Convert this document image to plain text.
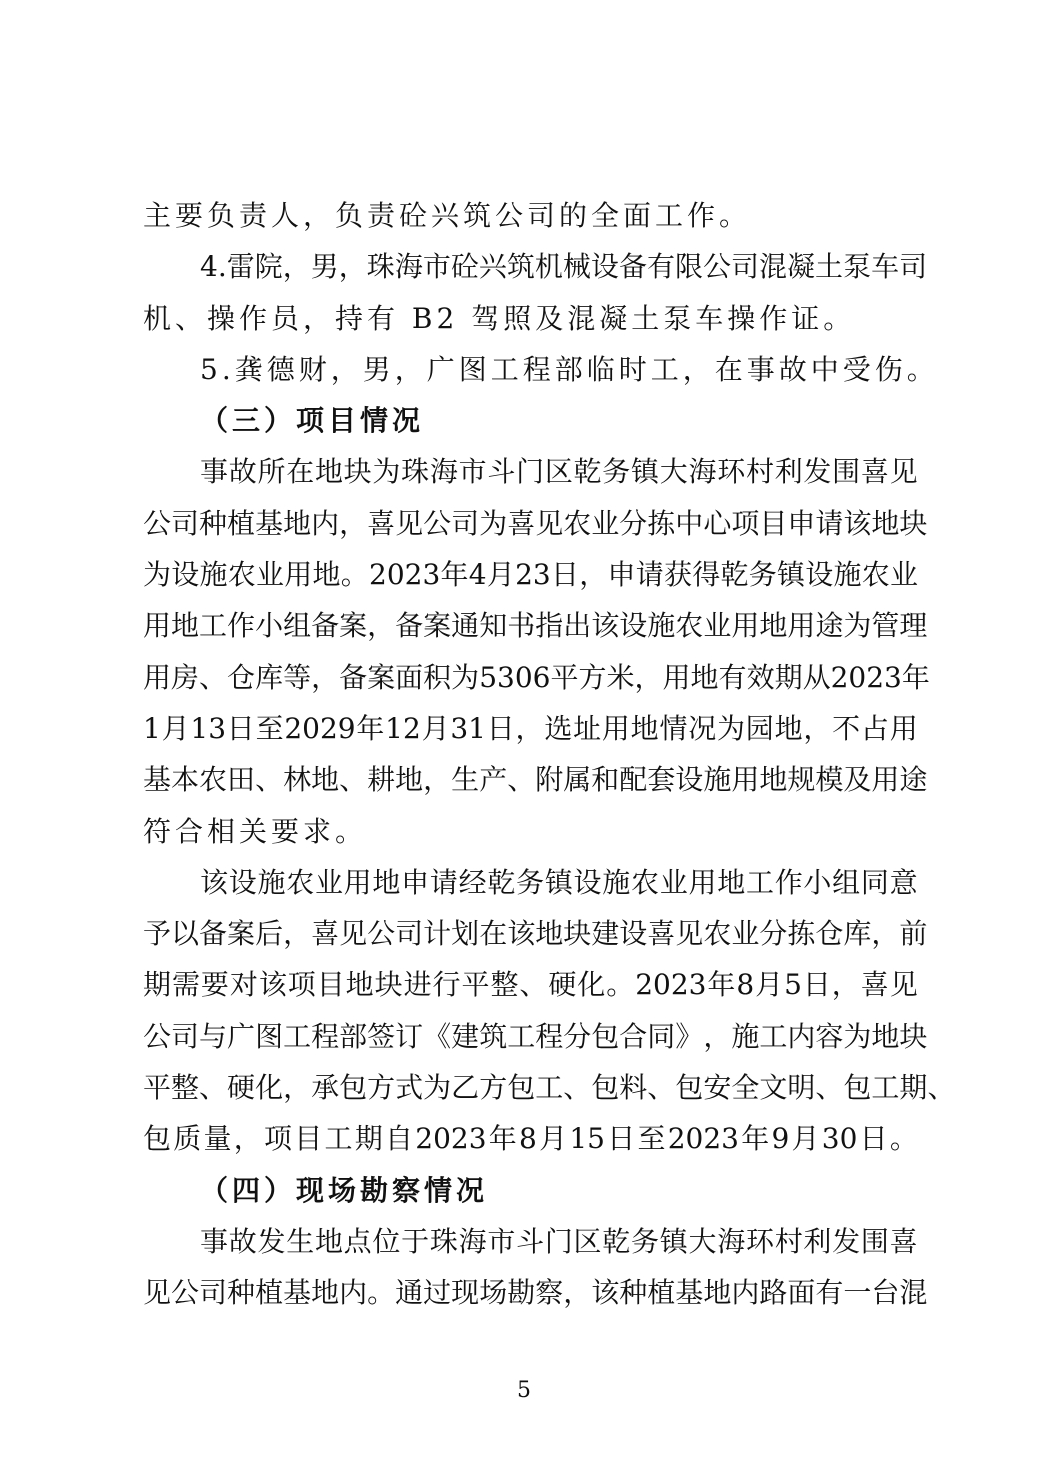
主要负责人，负责砼兴筑公司的全面工作。
4. 雷 院 ， 男 ， 珠 海 市 砼 兴 筑 机 械 设 备 有 限 公 司 混 凝 土 泵 车 司
机、操作员，持有 B2 驾照及混凝土泵车操作证。
5.龚德财，男，广图工程部临时工，在事故中受伤。
（三）项目情况
事 故 所 在 地 块 为 珠 海 市 斗 门 区 乾 务 镇 大 海 环 村 利 发 围 喜 见
公 司 种 植 基 地 内 ， 喜 见 公 司 为 喜 见 农 业 分 拣 中 心 项 目 申 请 该 地 块
为 设 施 农 业 用 地 。 2023 年 4 月 23 日 ， 申 请 获 得 乾 务 镇 设 施 农 业
用 地 工 作 小 组 备 案 ， 备 案 通 知 书 指 出 该 设 施 农 业 用 地 用 途 为 管 理
用 房 、 仓 库 等 ， 备 案 面 积 为 5306 平 方 米 ， 用 地 有 效 期 从 2023 年
1 月 13 日 至 2029 年 12 月 31 日 ， 选 址 用 地 情 况 为 园 地 ， 不 占 用
基 本 农 田 、 林 地 、 耕 地 ， 生 产 、 附 属 和 配 套 设 施 用 地 规 模 及 用 途
符合相关要求。
该 设 施 农 业 用 地 申 请 经 乾 务 镇 设 施 农 业 用 地 工 作 小 组 同 意
予 以 备 案 后 ， 喜 见 公 司 计 划 在 该 地 块 建 设 喜 见 农 业 分 拣 仓 库 ， 前
期 需 要 对 该 项 目 地 块 进 行 平 整 、 硬 化 。 2023 年 8 月 5 日 ， 喜 见
公 司 与 广 图 工 程 部 签 订 《 建 筑 工 程 分 包 合 同 》 ， 施 工 内 容 为 地 块
平 整 、 硬 化 ， 承 包 方 式 为 乙 方 包 工 、 包 料 、 包 安 全 文 明 、 包 工 期 、
包 质 量 ， 项 目 工 期 自 2023 年 8 月 15 日 至 2023 年 9 月 30 日 。
（四）现场勘察情况
事 故 发 生 地 点 位 于 珠 海 市 斗 门 区 乾 务 镇 大 海 环 村 利 发 围 喜
见 公 司 种 植 基 地 内 。 通 过 现 场 勘 察 ， 该 种 植 基 地 内 路 面 有 一 台 混
5
